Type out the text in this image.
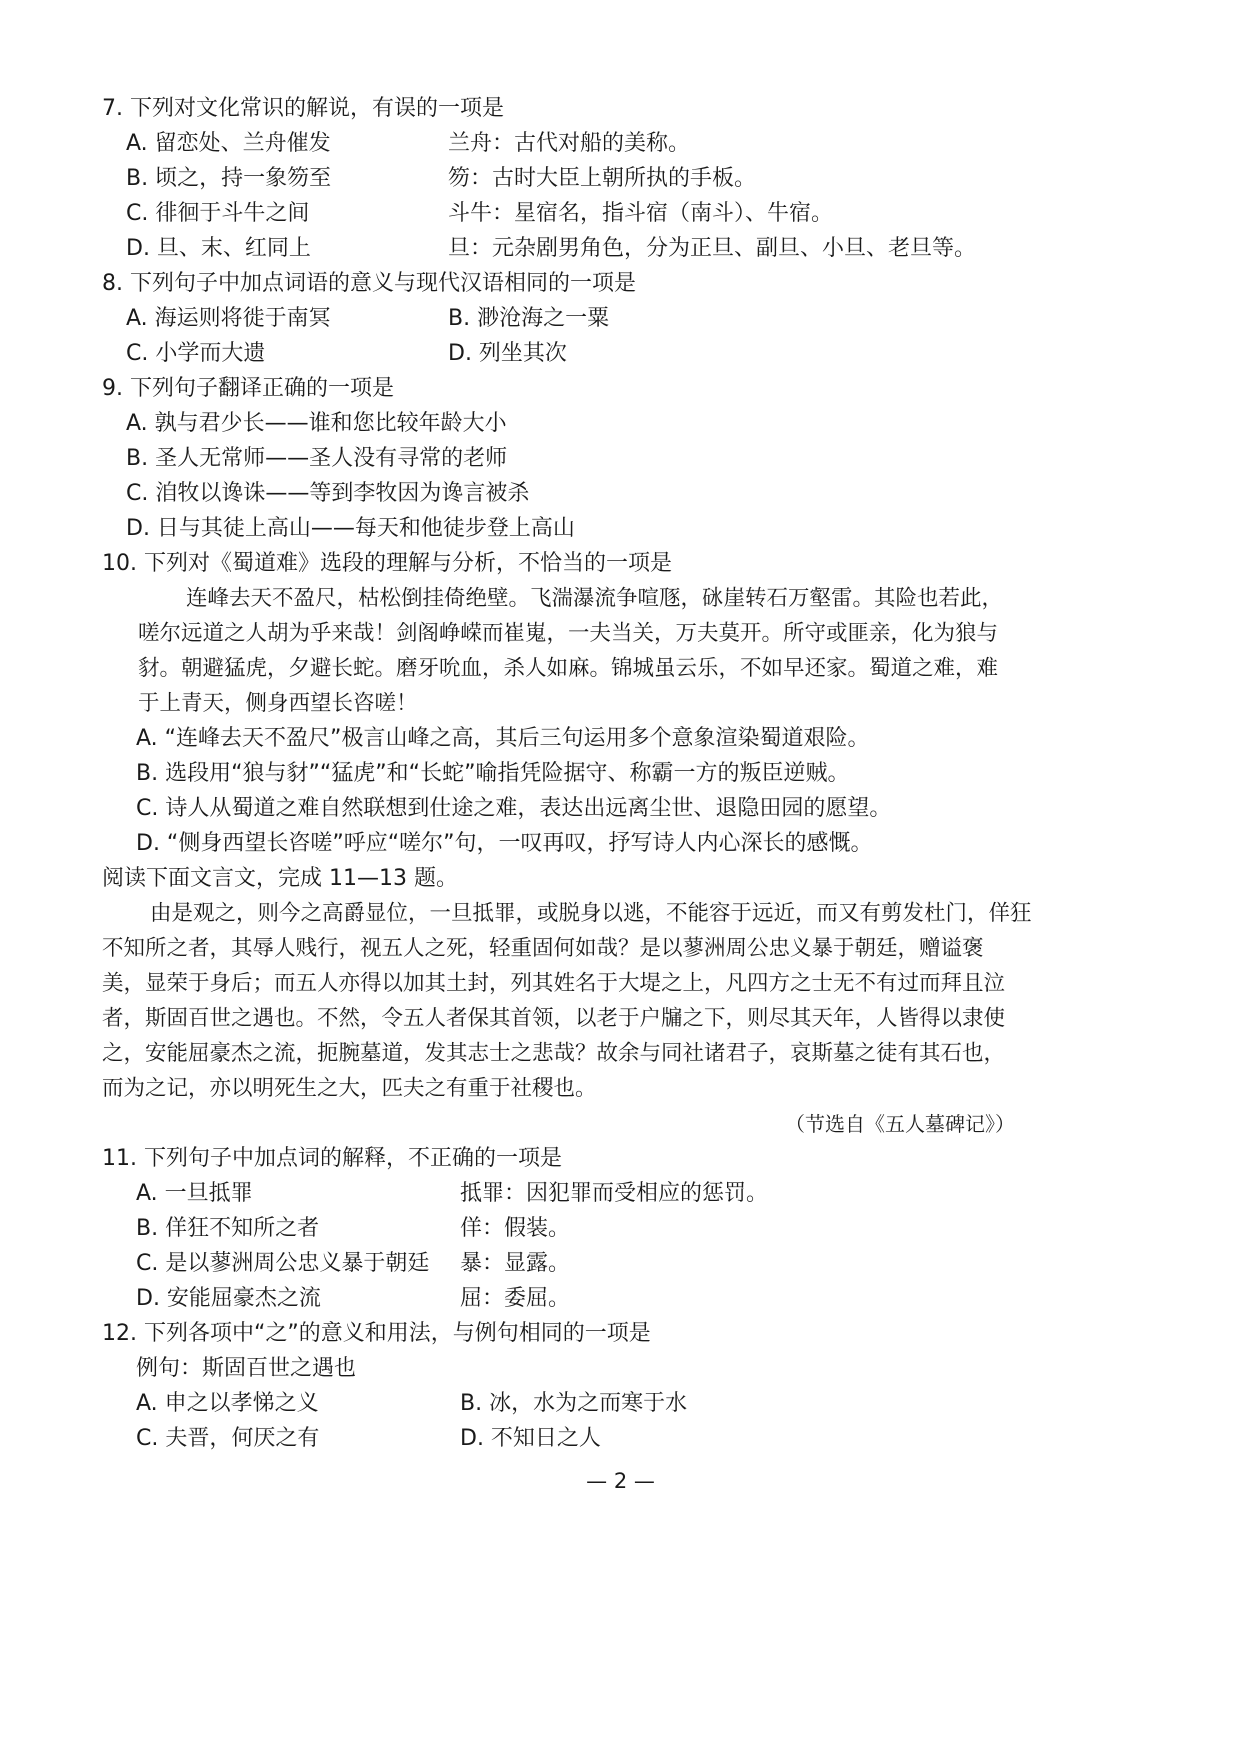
7. 下列对文化常识的解说，有误的一项是
A. 留恋处、兰舟催发	兰舟：古代对船的美称。
B. 顷之，持一象笏至	笏：古时大臣上朝所执的手板。
C. 徘徊于斗牛之间	斗牛：星宿名，指斗宿（南斗）、牛宿。
D. 旦、末、红同上	旦：元杂剧男角色，分为正旦、副旦、小旦、老旦等。
8. 下列句子中加点词语的意义与现代汉语相同的一项是
A. 海运则将徙于南冥	B. 渺沧海之一粟
C. 小学而大遗	D. 列坐其次
9. 下列句子翻译正确的一项是
A. 孰与君少长——谁和您比较年龄大小
B. 圣人无常师——圣人没有寻常的老师
C. 洎牧以谗诛——等到李牧因为谗言被杀
D. 日与其徒上高山——每天和他徒步登上高山
10. 下列对《蜀道难》选段的理解与分析，不恰当的一项是
连峰去天不盈尺，枯松倒挂倚绝壁。飞湍瀑流争喧豗，砯崖转石万壑雷。其险也若此，
嗟尔远道之人胡为乎来哉！剑阁峥嵘而崔嵬，一夫当关，万夫莫开。所守或匪亲，化为狼与
豺。朝避猛虎，夕避长蛇。磨牙吮血，杀人如麻。锦城虽云乐，不如早还家。蜀道之难，难
于上青天，侧身西望长咨嗟！
A. “连峰去天不盈尺”极言山峰之高，其后三句运用多个意象渲染蜀道艰险。
B. 选段用“狼与豺”“猛虎”和“长蛇”喻指凭险据守、称霸一方的叛臣逆贼。
C. 诗人从蜀道之难自然联想到仕途之难，表达出远离尘世、退隐田园的愿望。
D. “侧身西望长咨嗟”呼应“嗟尔”句，一叹再叹，抒写诗人内心深长的感慨。
阅读下面文言文，完成 11—13 题。
由是观之，则今之高爵显位，一旦抵罪，或脱身以逃，不能容于远近，而又有剪发杜门，佯狂
不知所之者，其辱人贱行，视五人之死，轻重固何如哉？是以蓼洲周公忠义暴于朝廷，赠谥褒
美，显荣于身后；而五人亦得以加其土封，列其姓名于大堤之上，凡四方之士无不有过而拜且泣
者，斯固百世之遇也。不然，令五人者保其首领，以老于户牖之下，则尽其天年，人皆得以隶使
之，安能屈豪杰之流，扼腕墓道，发其志士之悲哉？故余与同社诸君子，哀斯墓之徒有其石也，
而为之记，亦以明死生之大，匹夫之有重于社稷也。
（节选自《五人墓碑记》）
11. 下列句子中加点词的解释，不正确的一项是
A. 一旦抵罪	抵罪：因犯罪而受相应的惩罚。
B. 佯狂不知所之者	佯：假装。
C. 是以蓼洲周公忠义暴于朝廷 暴：显露。
D. 安能屈豪杰之流	屈：委屈。
12. 下列各项中“之”的意义和用法，与例句相同的一项是
例句：斯固百世之遇也
A. 申之以孝悌之义	B. 冰，水为之而寒于水
C. 夫晋，何厌之有	D. 不知日之人
— 2 —
